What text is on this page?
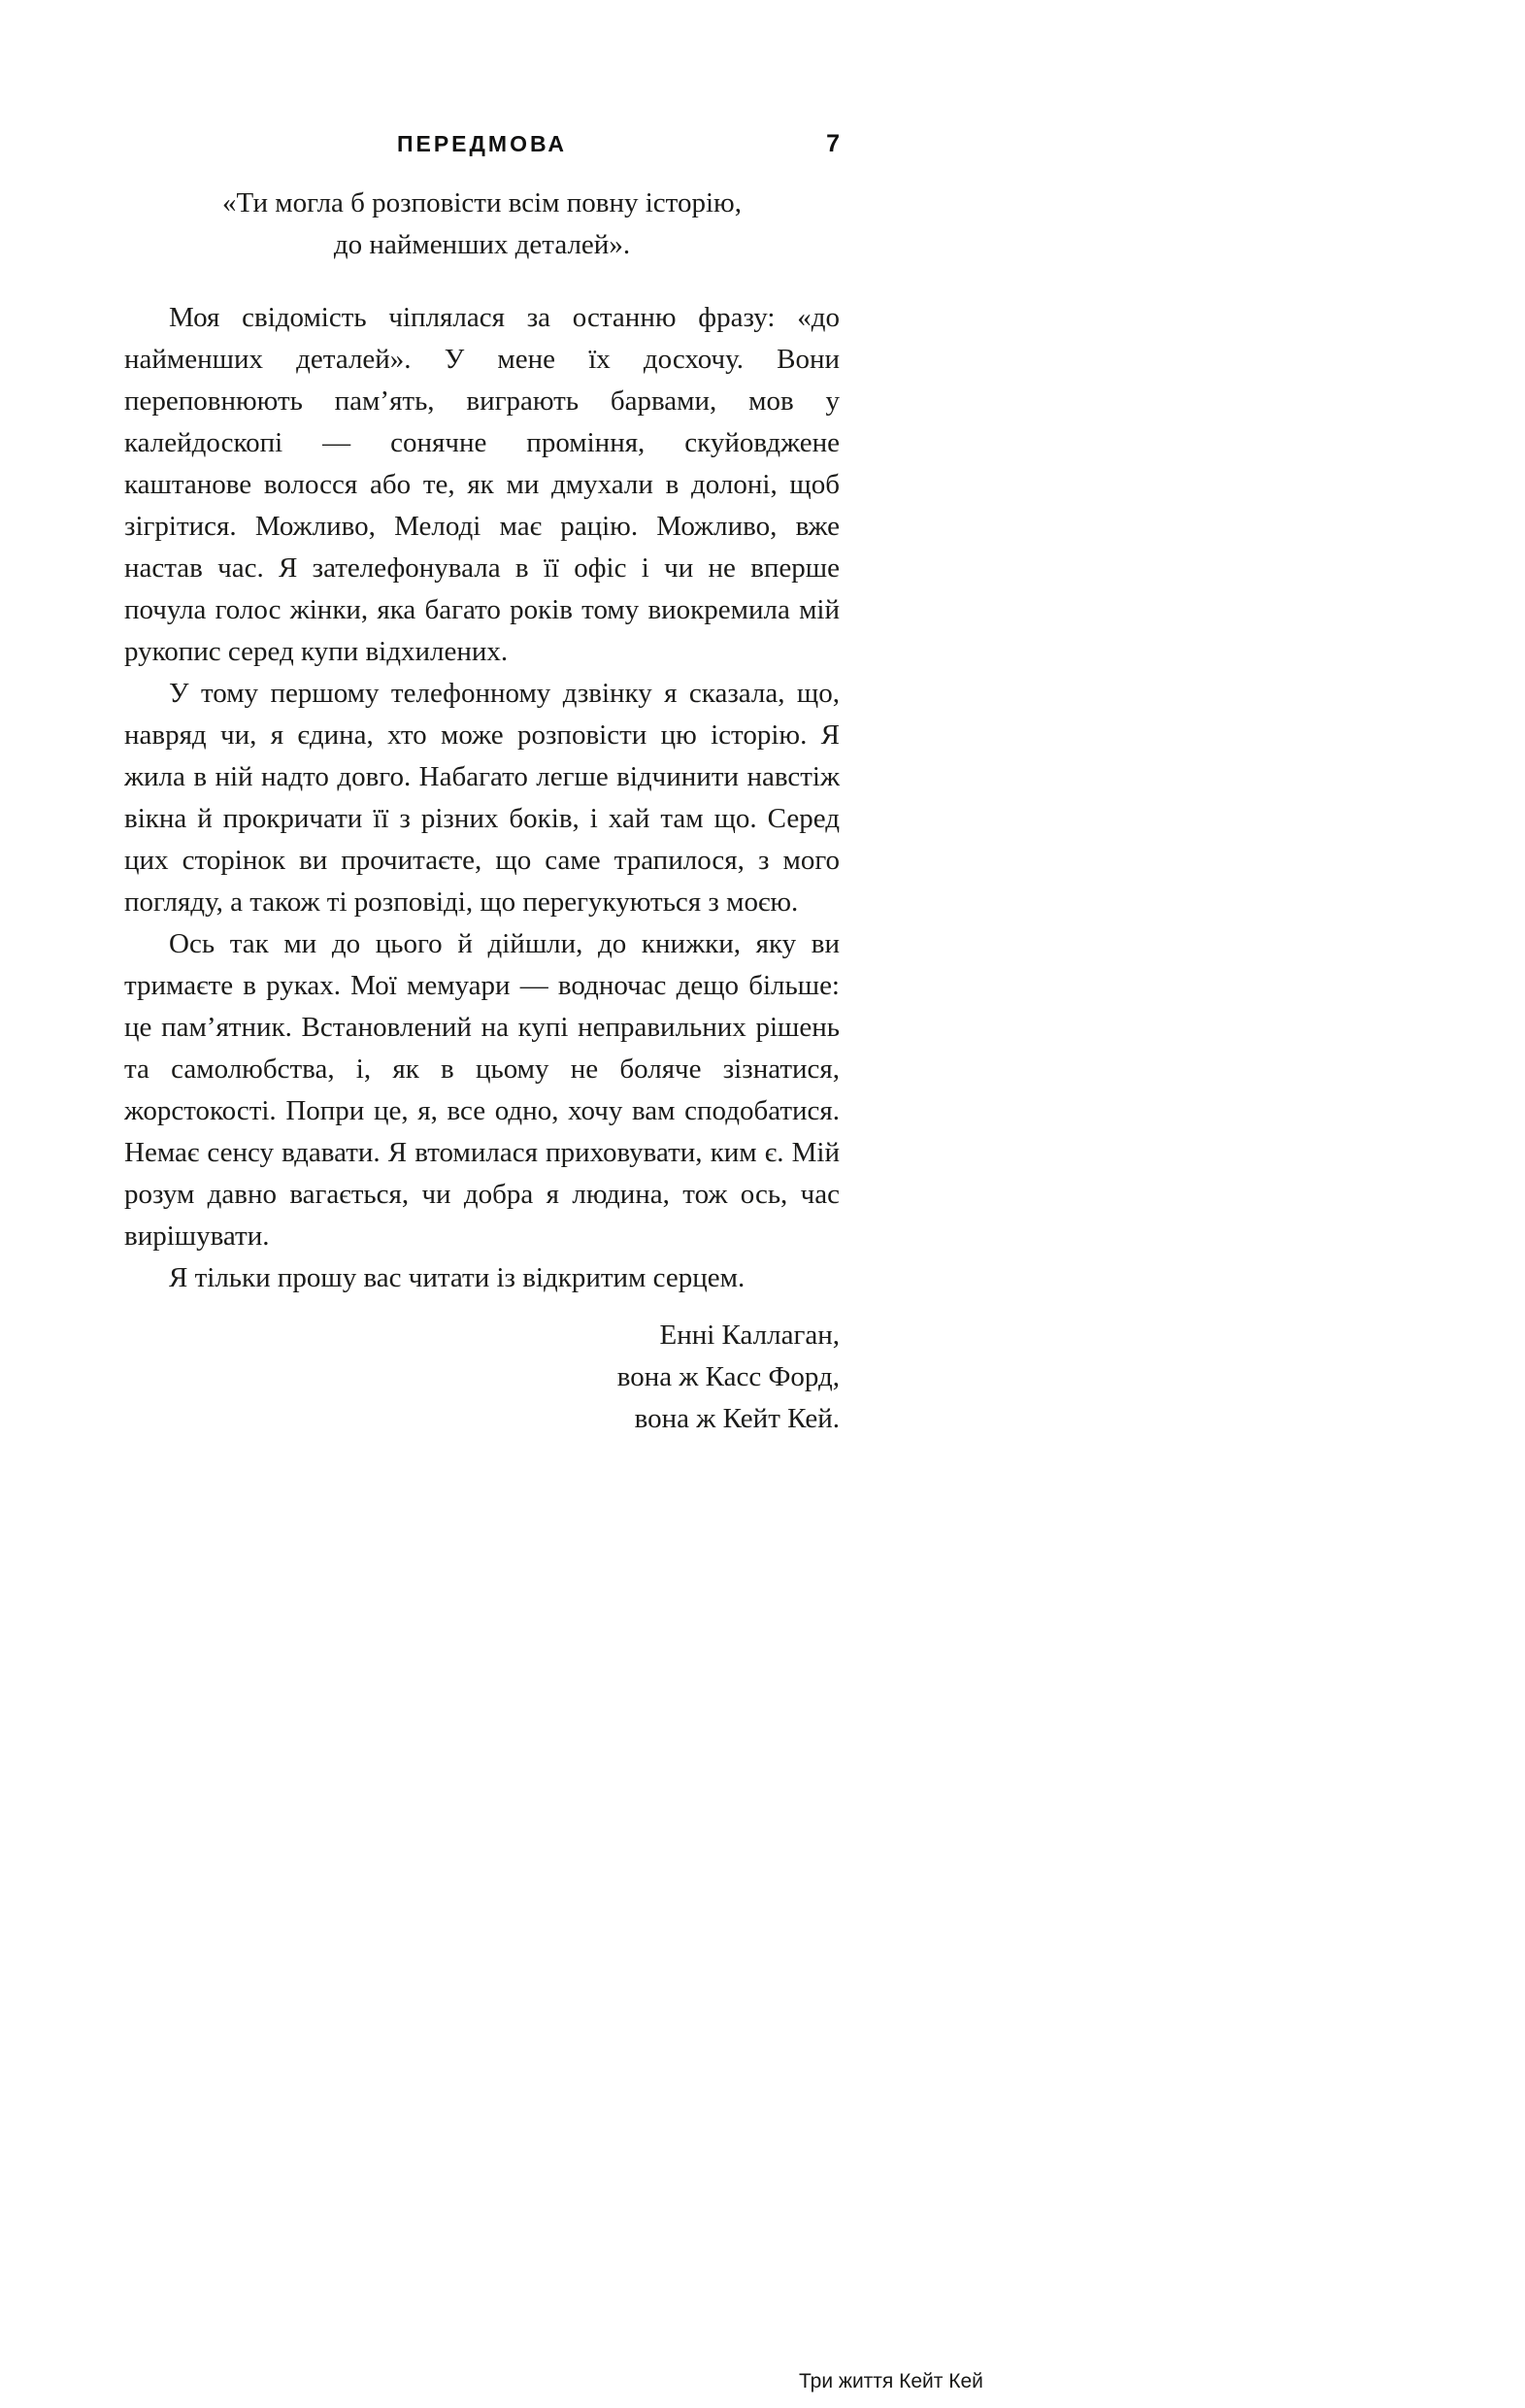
ПЕРЕДМОВА	7
«Ти могла б розповісти всім повну історію,
до найменших деталей».

Моя свідомість чіплялася за останню фразу: «до найменших деталей». У мене їх досхочу. Вони переповнюють пам’ять, виграють барвами, мов у калейдоскопі — сонячне проміння, скуйовджене каштанове волосся або те, як ми дмухали в долоні, щоб зігрітися. Можливо, Мелоді має рацію. Можливо, вже настав час. Я зателефонувала в її офіс і чи не вперше почула голос жінки, яка багато років тому виокремила мій рукопис серед купи відхилених.

У тому першому телефонному дзвінку я сказала, що, навряд чи, я єдина, хто може розповісти цю історію. Я жила в ній надто довго. Набагато легше відчинити навстіж вікна й прокричати її з різних боків, і хай там що. Серед цих сторінок ви прочитаєте, що саме трапилося, з мого погляду, а також ті розповіді, що перегукуються з моєю.

Ось так ми до цього й дійшли, до книжки, яку ви тримаєте в руках. Мої мемуари — водночас дещо більше: це пам’ятник. Встановлений на купі неправильних рішень та самолюбства, і, як в цьому не боляче зізнатися, жорстокості. Попри це, я, все одно, хочу вам сподобатися. Немає сенсу вдавати. Я втомилася приховувати, ким є. Мій розум давно вагається, чи добра я людина, тож ось, час вирішувати.

Я тільки прошу вас читати із відкритим серцем.

Енні Каллаган,
вона ж Касс Форд,
вона ж Кейт Кей.
Три життя Кейт Кей
